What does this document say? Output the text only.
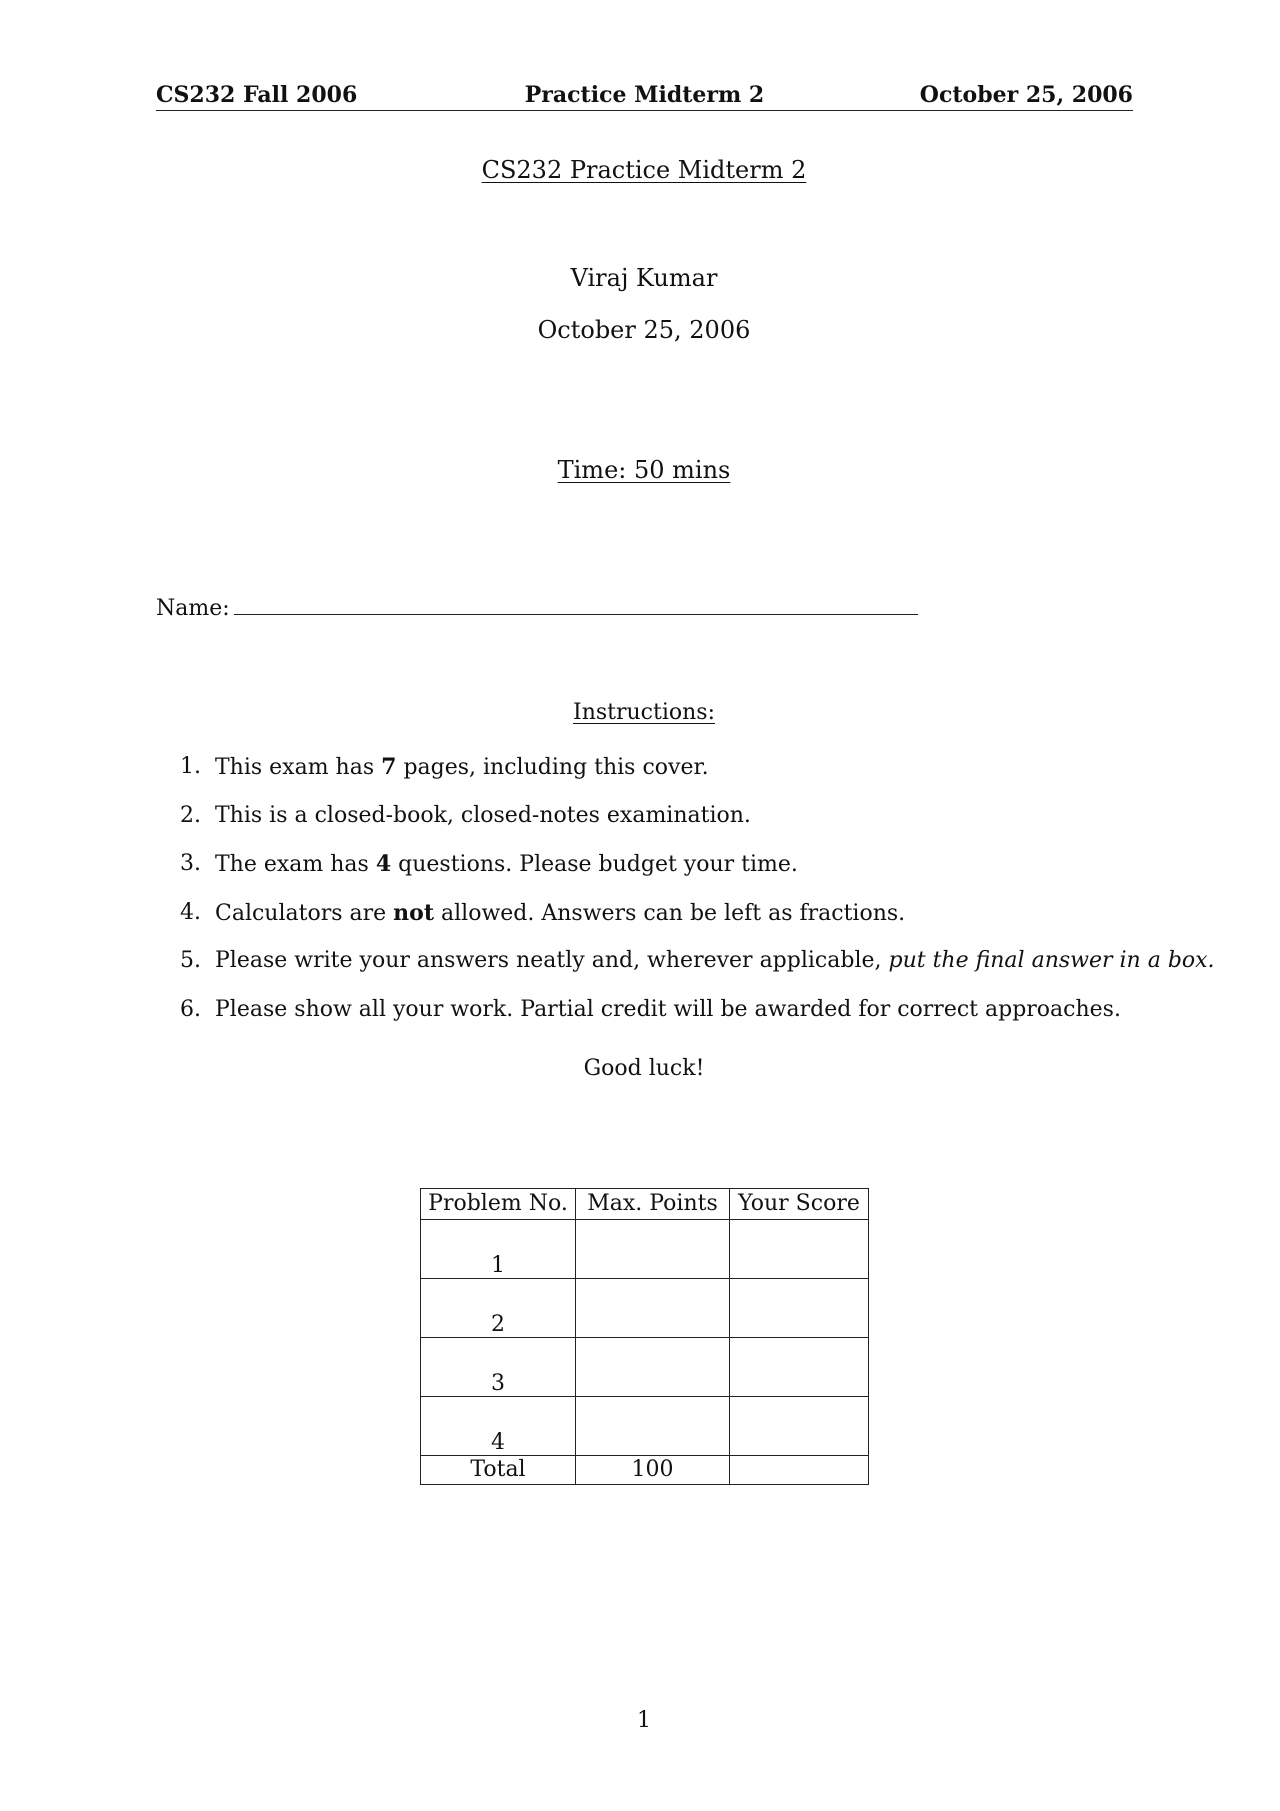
CS232 Fall 2006	Practice Midterm 2	October 25, 2006
CS232 Practice Midterm 2
Viraj Kumar
October 25, 2006
Time: 50 mins
Name:
Instructions:
1. This exam has 7 pages, including this cover.
2. This is a closed-book, closed-notes examination.
3. The exam has 4 questions. Please budget your time.
4. Calculators are not allowed. Answers can be left as fractions.
5. Please write your answers neatly and, wherever applicable, put the final answer in a box.
6. Please show all your work. Partial credit will be awarded for correct approaches.
Good luck!
Problem No.	Max. Points	Your Score
1		
2		
3		
4		
Total	100	
1
